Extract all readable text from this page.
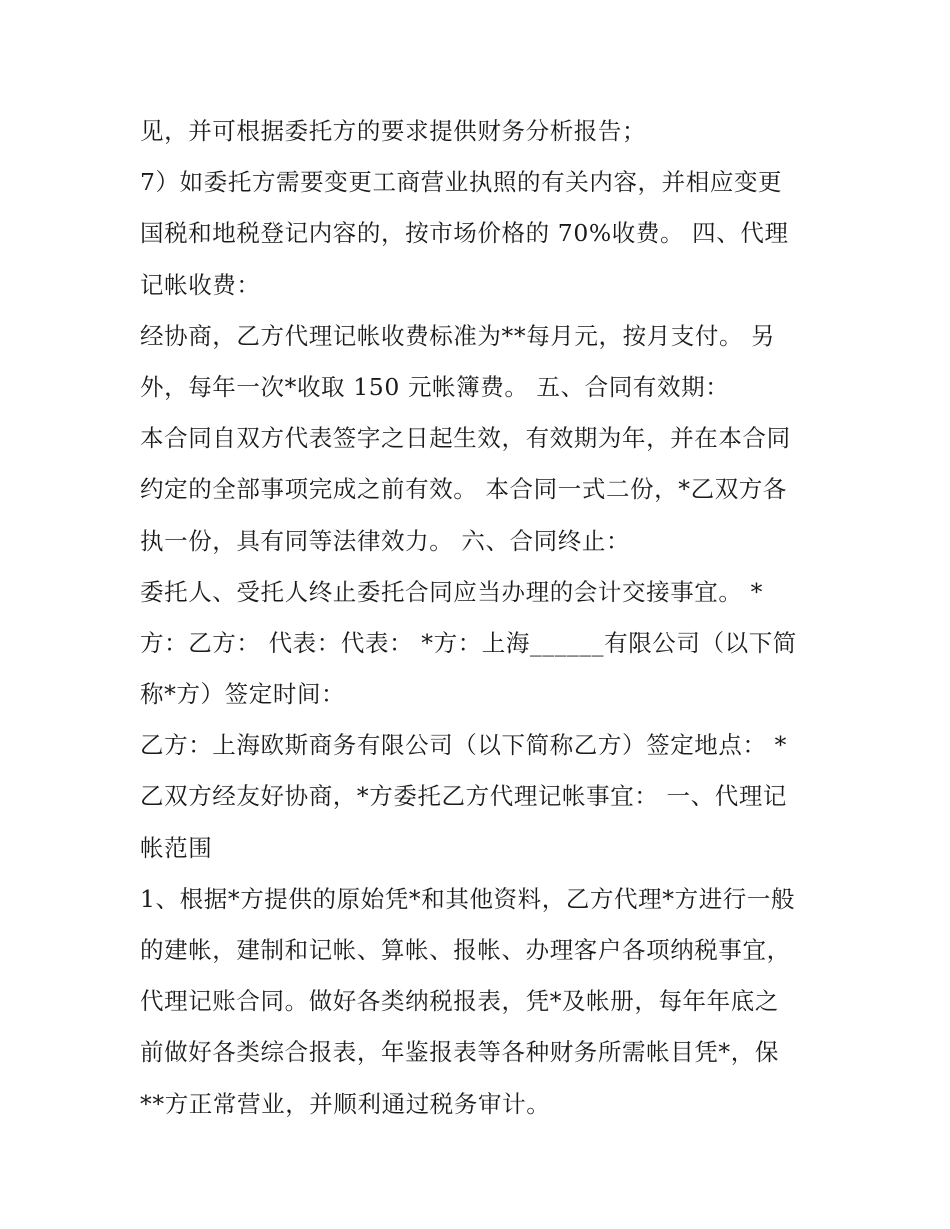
见，并可根据委托方的要求提供财务分析报告；
7）如委托方需要变更工商营业执照的有关内容，并相应变更
国税和地税登记内容的，按市场价格的 70%收费。 四、代理
记帐收费：
经协商，乙方代理记帐收费标准为**每月元，按月支付。 另
外，每年一次*收取 150 元帐簿费。 五、合同有效期：
本合同自双方代表签字之日起生效，有效期为年，并在本合同
约定的全部事项完成之前有效。 本合同一式二份，*乙双方各
执一份，具有同等法律效力。 六、合同终止：
委托人、受托人终止委托合同应当办理的会计交接事宜。 *
方：乙方： 代表：代表： *方：上海______有限公司（以下简
称*方）签定时间：
乙方：上海欧斯商务有限公司（以下简称乙方）签定地点： *
乙双方经友好协商，*方委托乙方代理记帐事宜： 一、代理记
帐范围
1、根据*方提供的原始凭*和其他资料，乙方代理*方进行一般
的建帐，建制和记帐、算帐、报帐、办理客户各项纳税事宜，
代理记账合同。做好各类纳税报表，凭*及帐册，每年年底之
前做好各类综合报表，年鉴报表等各种财务所需帐目凭*，保
**方正常营业，并顺利通过税务审计。
